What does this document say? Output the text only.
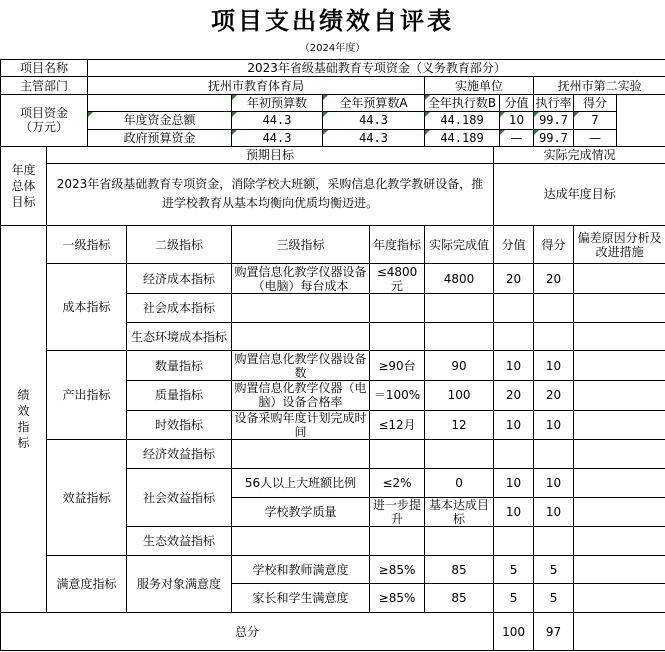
项目支出绩效自评表
（2024年度）
项目名称		2023年省级基础教育专项资金（义务教育部分）									
主管部门		抚州市教育体育局					实施单位			抚州市第二实验	
项目资金
（万元）				年初预算数	全年预算数A		全年执行数B		分值	执行率	得分
		年度资金总额		44.3	44.3		44.189		10	99.7	7
		政府预算资金		44.3	44.3		44.189		—	99.7	—
年度总体目标	预期目标							实际完成情况			
	2023年省级基础教育专项资金，消除学校大班额，采购信息化教学教研设备，推进学校教育从基本均衡向优质均衡迈进。							达成年度目标			
绩效指标	一级指标		二级指标	三级指标		年度指标	实际完成值	分值		得分	偏差原因分析及改进措施
	成本指标		经济成本指标	购置信息化教学仪器设备（电脑）每台成本		≤4800元	4800	20		20	
			社会成本指标								
			生态环境成本指标								
	产出指标		数量指标	购置信息化教学仪器设备数		≥90台	90	10		10	
			质量指标	购置信息化教学仪器（电脑）设备合格率		＝100%	100	20		20	
			时效指标	设备采购年度计划完成时间		≤12月	12	10		10	
	效益指标		经济效益指标								
			社会效益指标	56人以上大班额比例		≤2%	0	10		10	
				学校教学质量		进一步提升	基本达成目标	10		10	
			生态效益指标								
	满意度指标		服务对象满意度	学校和教师满意度		≥85%	85	5		5	
				家长和学生满意度		≥85%	85	5		5	
总分								100		97	
